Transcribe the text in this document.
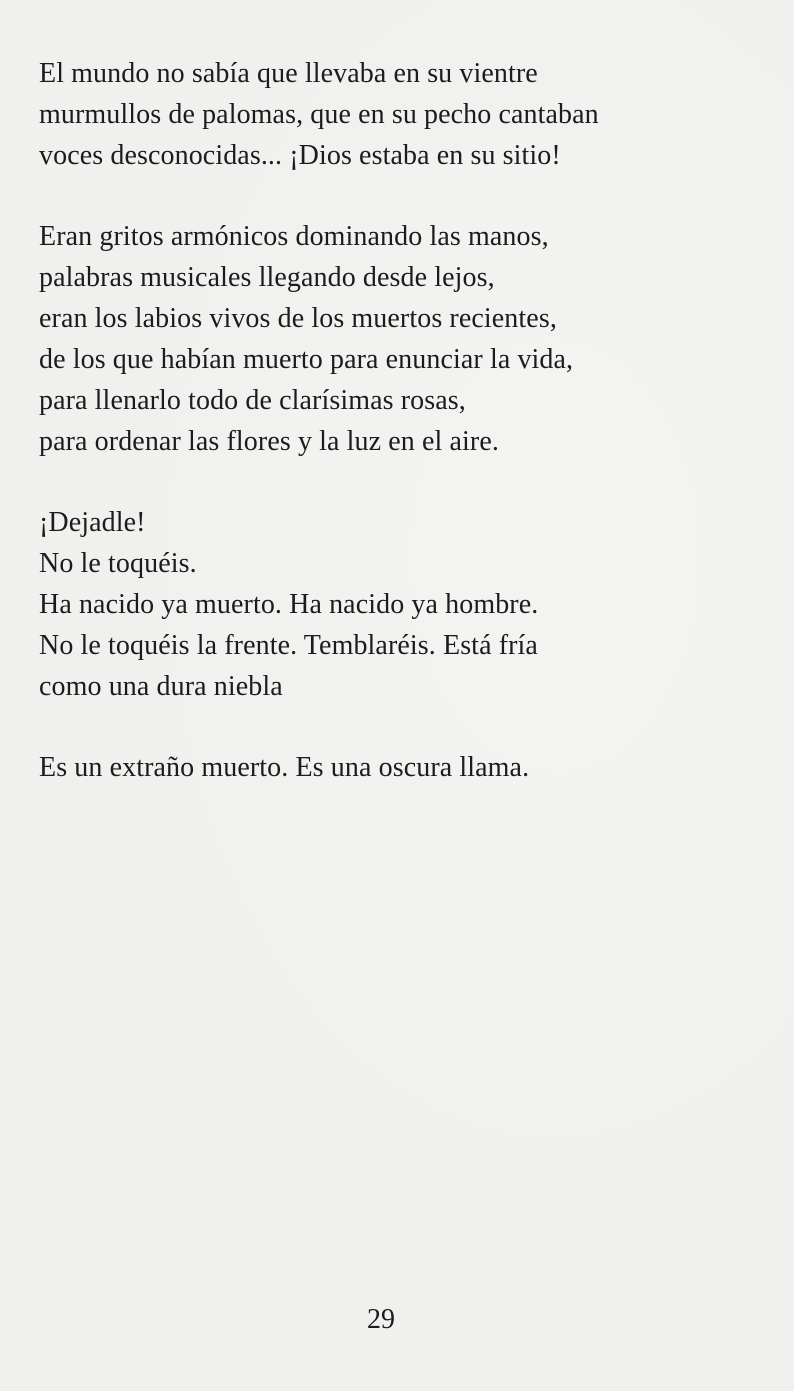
El mundo no sabía que llevaba en su vientre
murmullos de palomas, que en su pecho cantaban
voces desconocidas... ¡Dios estaba en su sitio!
Eran gritos armónicos dominando las manos,
palabras musicales llegando desde lejos,
eran los labios vivos de los muertos recientes,
de los que habían muerto para enunciar la vida,
para llenarlo todo de clarísimas rosas,
para ordenar las flores y la luz en el aire.
¡Dejadle!
No le toquéis.
Ha nacido ya muerto. Ha nacido ya hombre.
No le toquéis la frente. Temblaréis. Está fría
como una dura niebla
Es un extraño muerto. Es una oscura llama.
29
